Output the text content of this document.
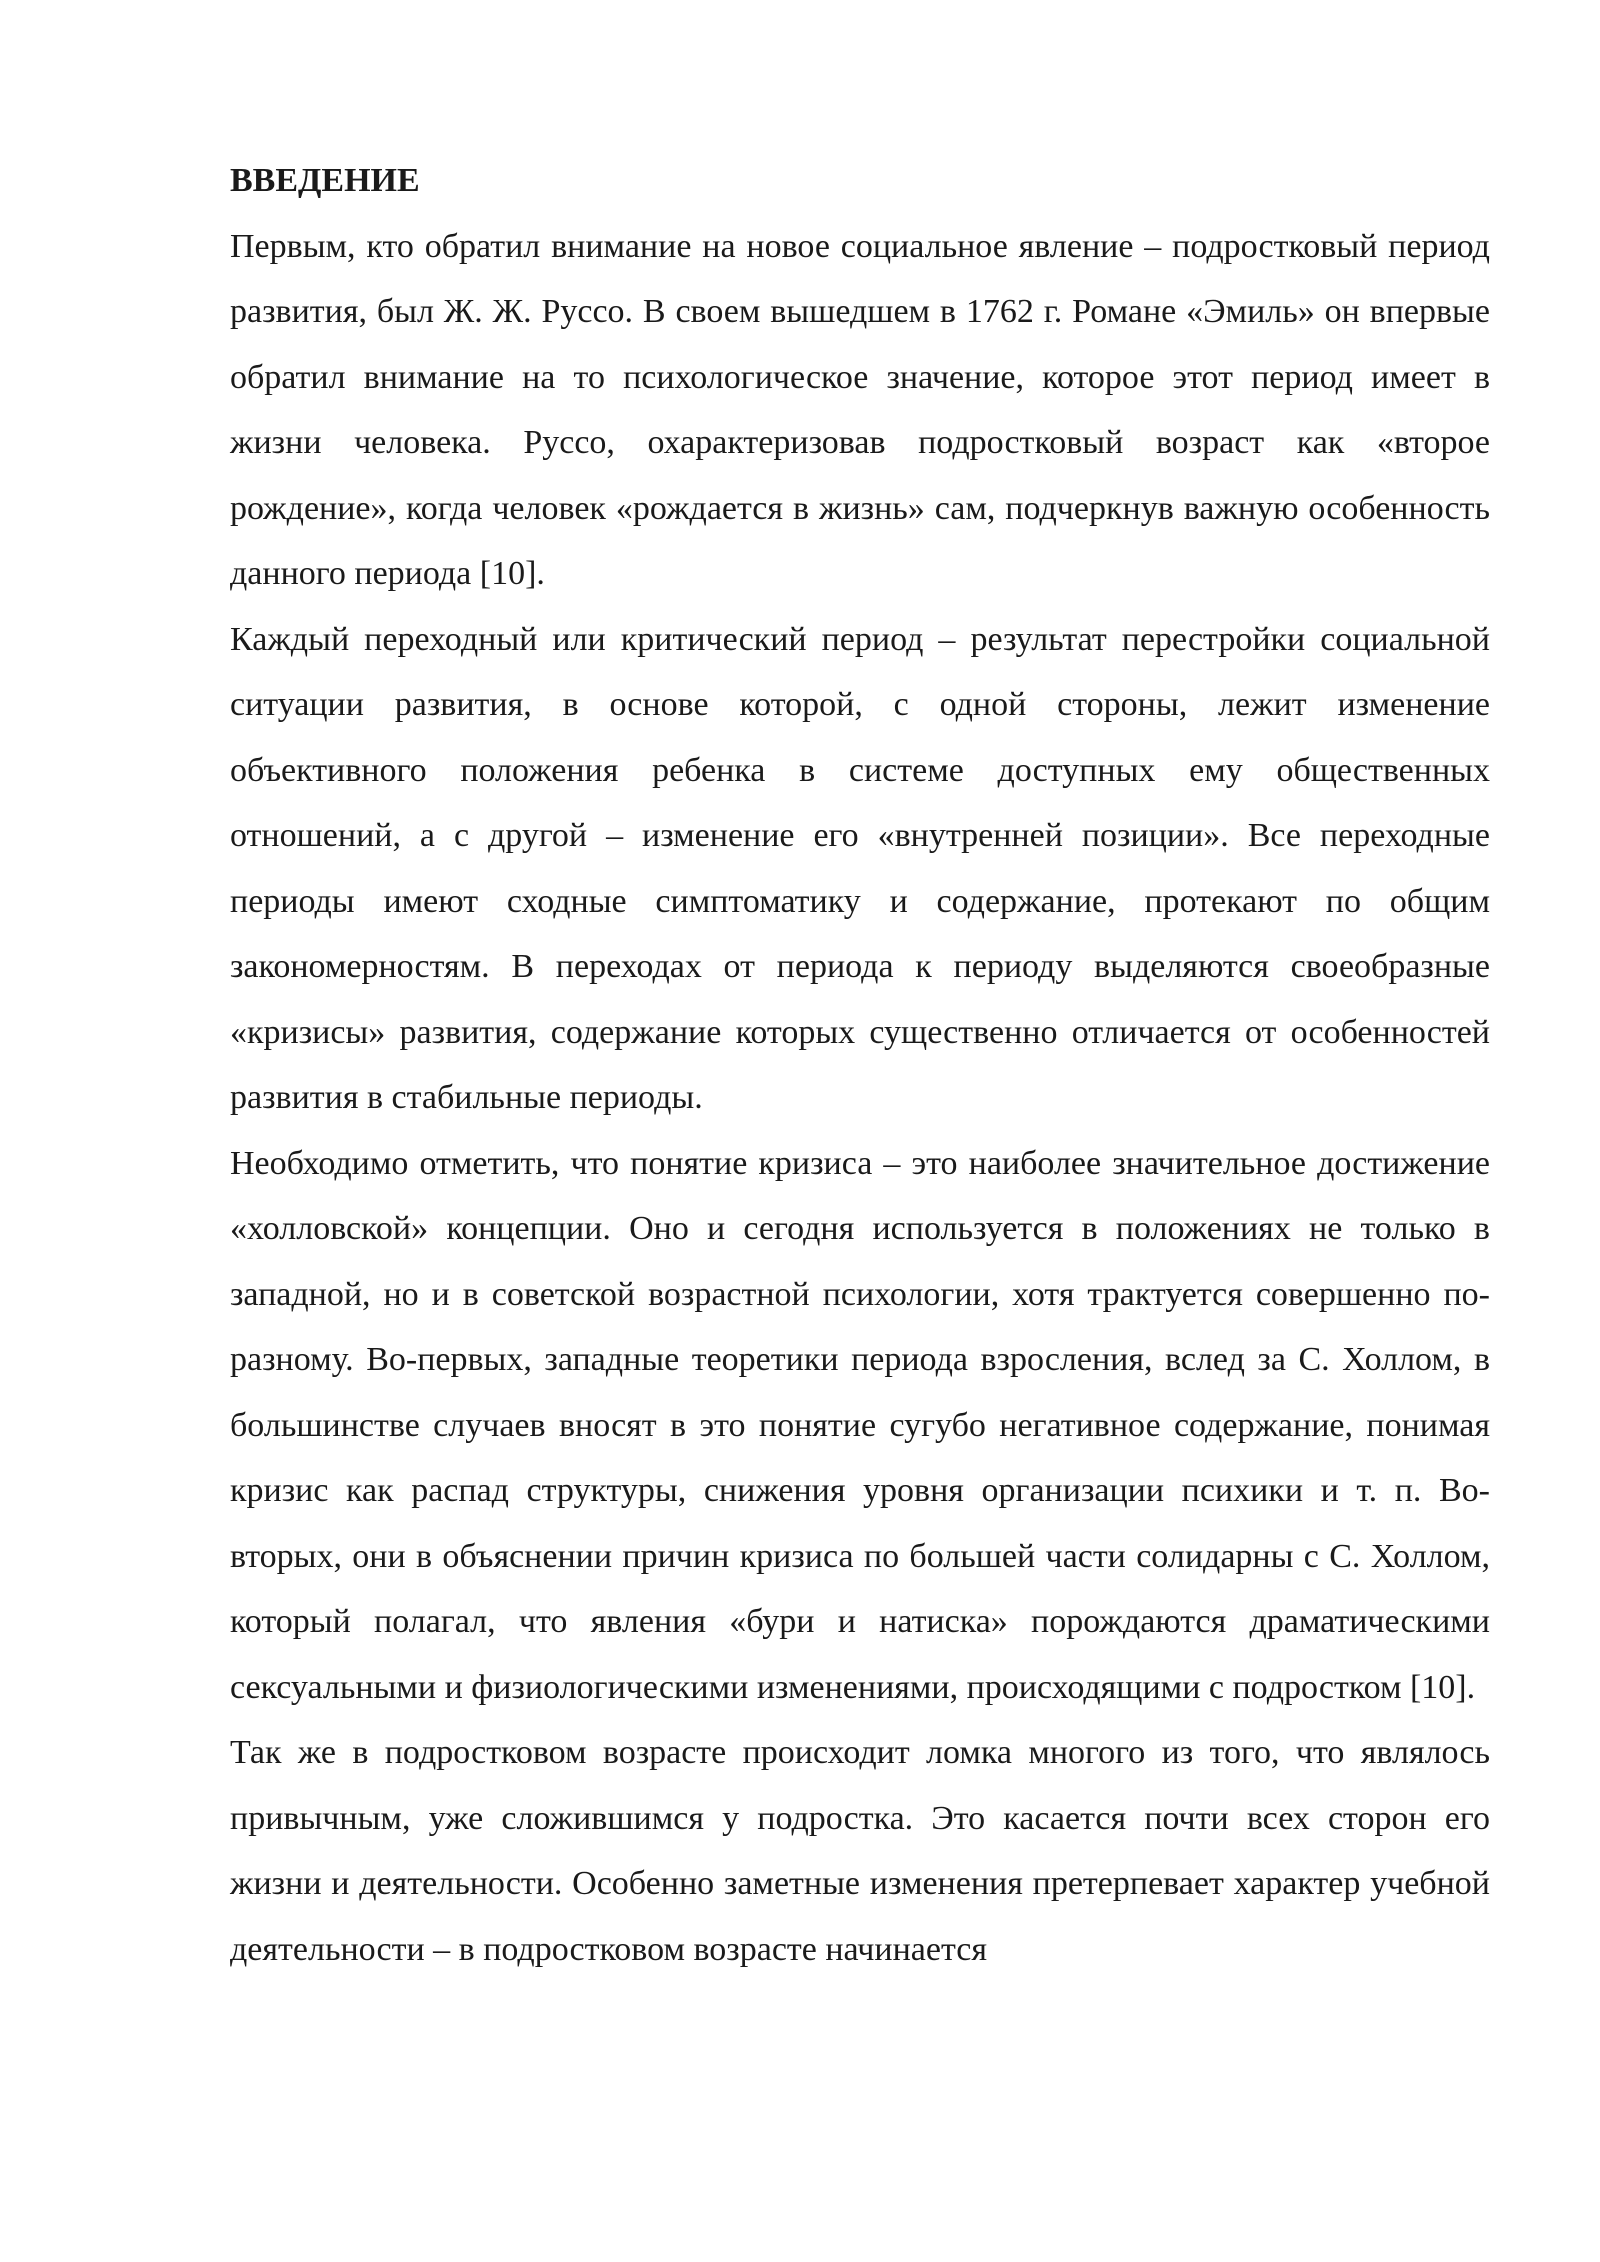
ВВЕДЕНИЕ

Первым, кто обратил внимание на новое социальное явление – подростковый период развития, был Ж. Ж. Руссо. В своем вышедшем в 1762 г. Романе «Эмиль» он впервые обратил внимание на то психологическое значение, которое этот период имеет в жизни человека. Руссо, охарактеризовав подростковый возраст как «второе рождение», когда человек «рождается в жизнь» сам, подчеркнув важную особенность данного периода [10].

Каждый переходный или критический период – результат перестройки социальной ситуации развития, в основе которой, с одной стороны, лежит изменение объективного положения ребенка в системе доступных ему общественных отношений, а с другой – изменение его «внутренней позиции». Все переходные периоды имеют сходные симптоматику и содержание, протекают по общим закономерностям. В переходах от периода к периоду выделяются своеобразные «кризисы» развития, содержание которых существенно отличается от особенностей развития в стабильные периоды.

Необходимо отметить, что понятие кризиса – это наиболее значительное достижение «холловской» концепции. Оно и сегодня используется в положениях не только в западной, но и в советской возрастной психологии, хотя трактуется совершенно по-разному. Во-первых, западные теоретики периода взросления, вслед за С. Холлом, в большинстве случаев вносят в это понятие сугубо негативное содержание, понимая кризис как распад структуры, снижения уровня организации психики и т. п. Во-вторых, они в объяснении причин кризиса по большей части солидарны с С. Холлом, который полагал, что явления «бури и натиска» порождаются драматическими сексуальными и физиологическими изменениями, происходящими с подростком [10].

Так же в подростковом возрасте происходит ломка многого из того, что являлось привычным, уже сложившимся у подростка. Это касается почти всех сторон его жизни и деятельности. Особенно заметные изменения претерпевает характер учебной деятельности – в подростковом возрасте начинается
